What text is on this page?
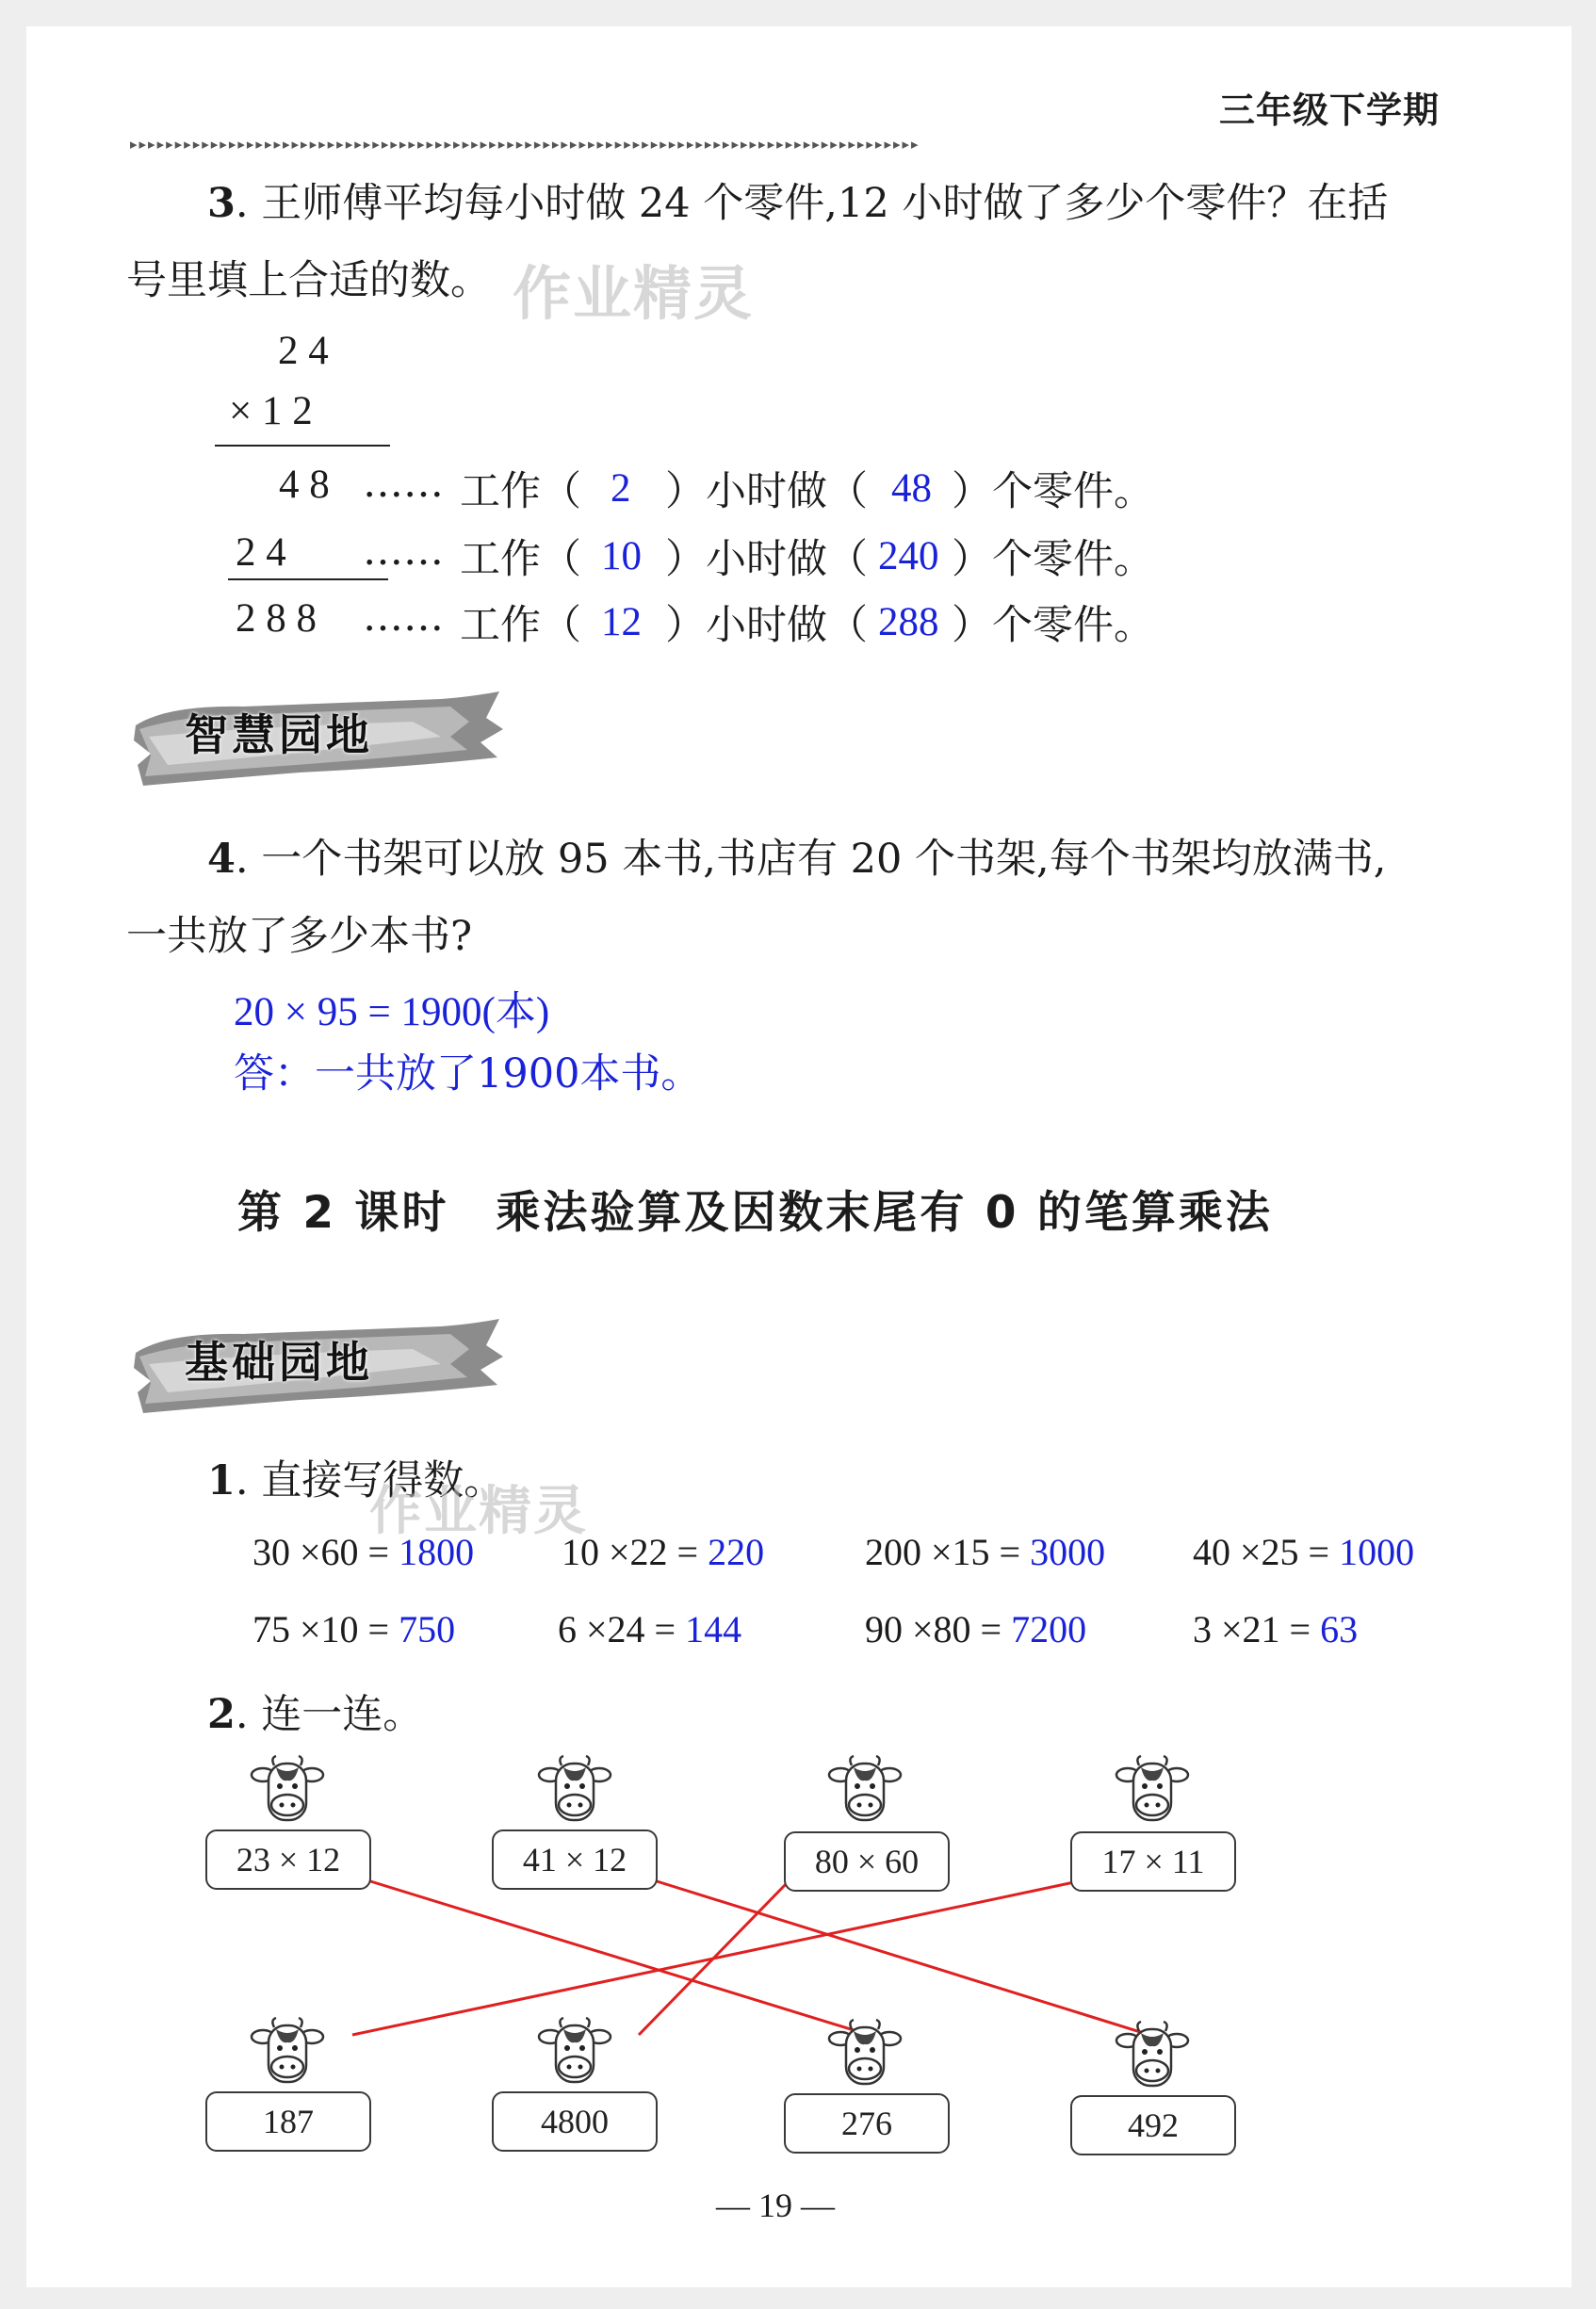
三年级下学期
▸▸▸▸▸▸▸▸▸▸▸▸▸▸▸▸▸▸▸▸▸▸▸▸▸▸▸▸▸▸▸▸▸▸▸▸▸▸▸▸▸▸▸▸▸▸▸▸▸▸▸▸▸▸▸▸▸▸▸▸▸▸▸▸▸▸▸▸▸▸▸▸▸▸▸▸▸▸▸▸▸▸▸▸▸▸▸▸
3. 王师傅平均每小时做 24 个零件,12 小时做了多少个零件？在括
号里填上合适的数。 作业精灵
2 4
× 1 2
4 8 …… 工作（ 2 ）小时做（ 48 ）个零件。
2 4 …… 工作（ 10 ）小时做（ 240 ）个零件。
2 8 8 …… 工作（ 12 ）小时做（ 288 ）个零件。
智慧园地
4. 一个书架可以放 95 本书,书店有 20 个书架,每个书架均放满书,
一共放了多少本书?
20 × 95 = 1900(本)
答：一共放了1900本书。
第 2 课时　乘法验算及因数末尾有 0 的笔算乘法
基础园地
1. 直接写得数。
作业精灵
30 ×60 = 1800 10 ×22 = 220	200 ×15 = 3000 40 ×25 = 1000
75 ×10 = 750	6 ×24 = 144	90 ×80 = 7200	3 ×21 = 63
2. 连一连。
23 × 12	41 × 12	80 × 60	17 × 11
187	4800	276	492
— 19 —
